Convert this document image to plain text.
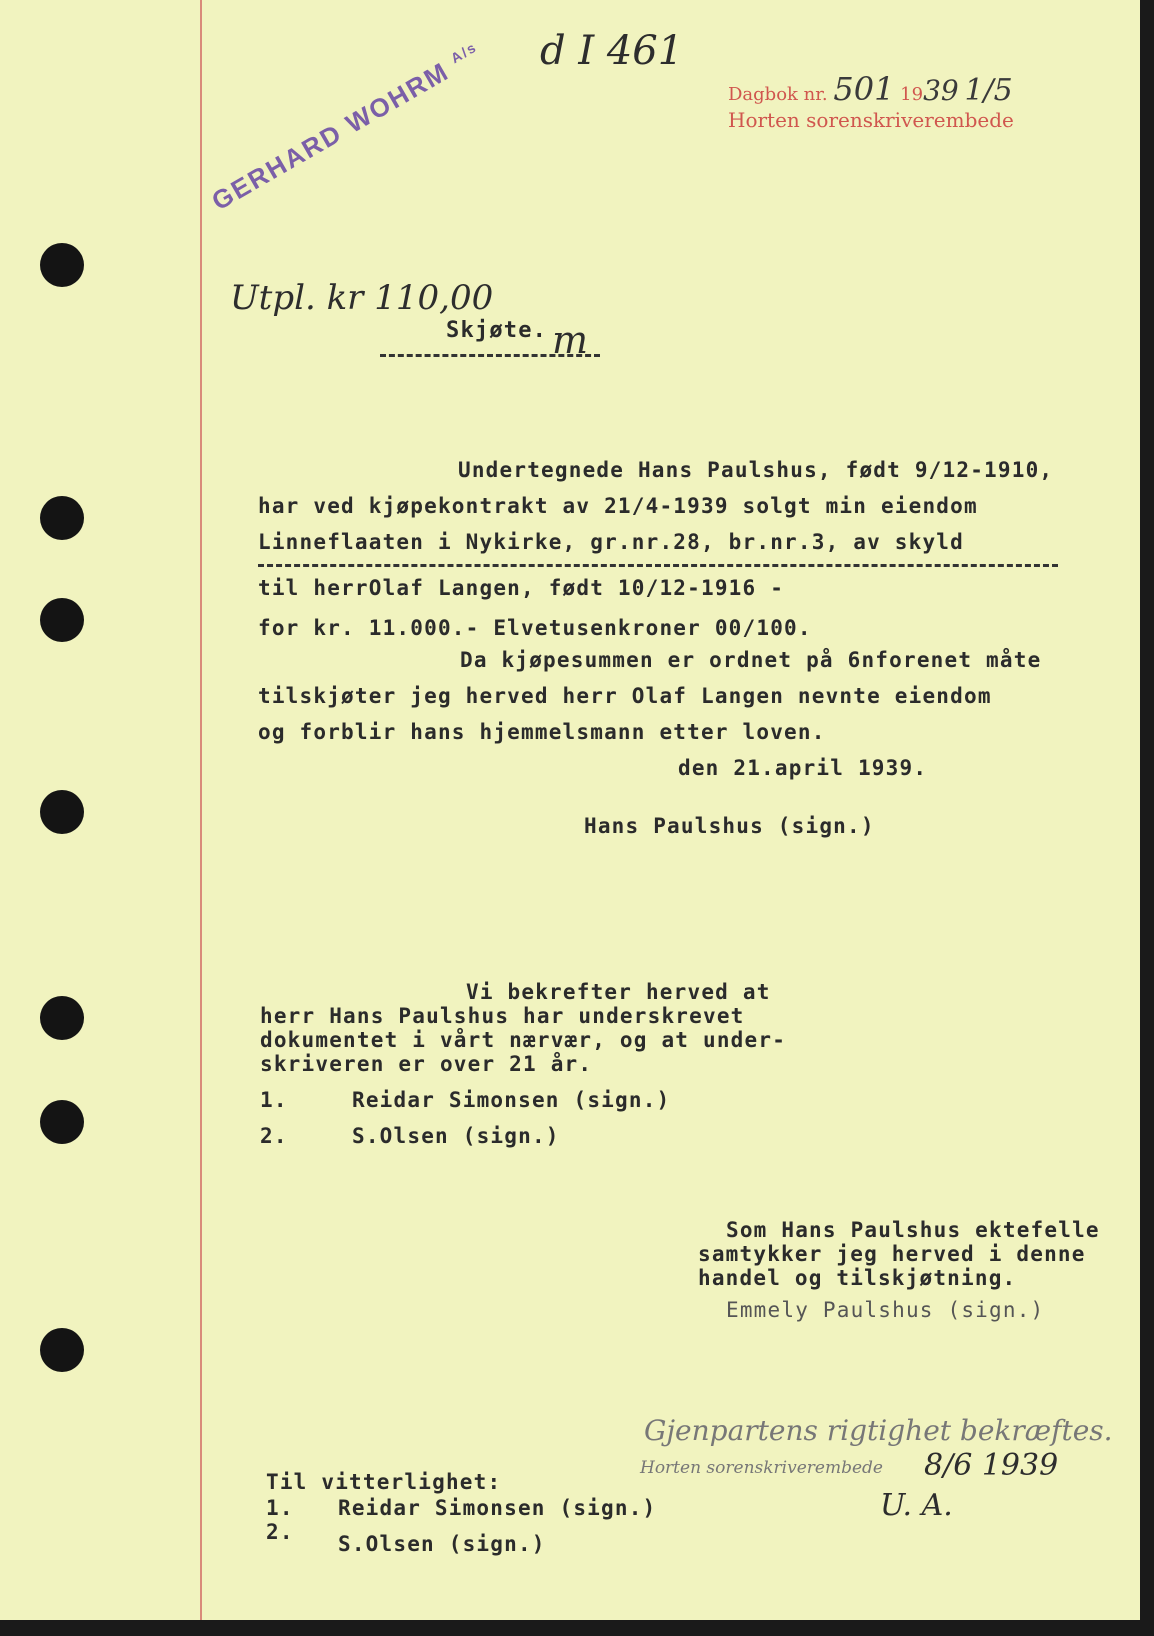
d I 461
Dagbok nr. 501 1939 1/5
Horten sorenskriverembede
GERHARD WOHRM $^{A/s}$
Utpl. kr 110,00
Skjøte. m
Undertegnede Hans Paulshus, født 9/12-1910,
har ved kjøpekontrakt av 21/4-1939 solgt min eiendom
Linneflaaten i Nykirke, gr.nr.28, br.nr.3, av skyld
til herrOlaf Langen, født 10/12-1916 -
for kr. 11.000.- Elvetusenkroner 00/100.
Da kjøpesummen er ordnet på 6nforenet måte
tilskjøter jeg herved herr Olaf Langen nevnte eiendom
og forblir hans hjemmelsmann etter loven.
den 21.april 1939.
Hans Paulshus (sign.)
Vi bekrefter herved at
herr Hans Paulshus har underskrevet
dokumentet i vårt nærvær, og at under-
skriveren er over 21 år.
1.	Reidar Simonsen (sign.)
2.	S.Olsen (sign.)
Som Hans Paulshus ektefelle
samtykker jeg herved i denne
handel og tilskjøtning.
Emmely Paulshus (sign.)
Gjenpartens rigtighet bekræftes.
Horten sorenskriverembede 8/6 1939
U. A.
Til vitterlighet:
1. Reidar Simonsen (sign.)
2. S.Olsen (sign.)
